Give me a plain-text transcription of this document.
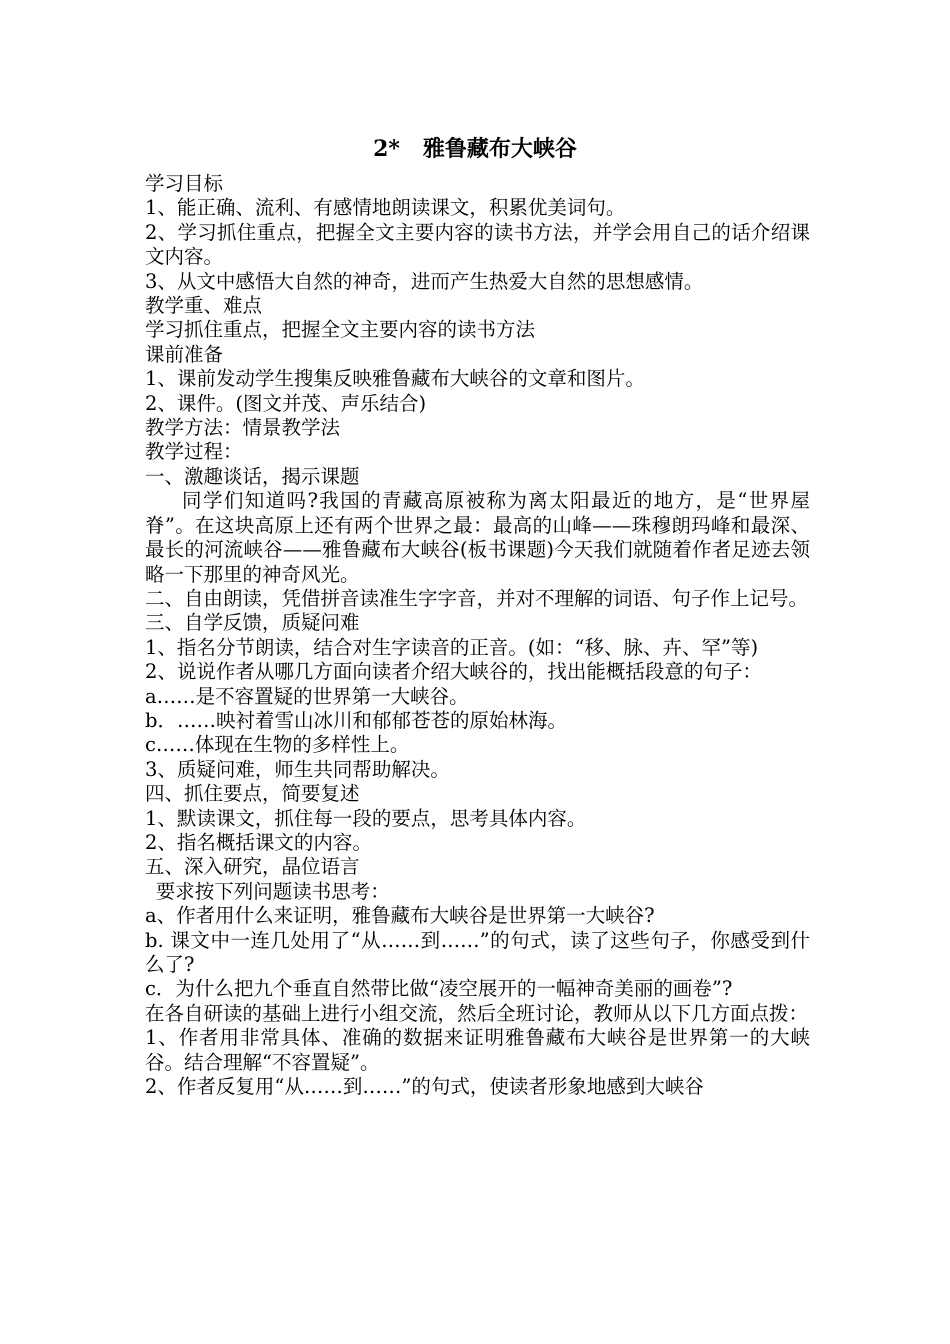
2*   雅鲁藏布大峡谷

学习目标

1、能正确、流利、有感情地朗读课文，积累优美词句。

2、学习抓住重点，把握全文主要内容的读书方法，并学会用自己的话介绍课文内容。

3、从文中感悟大自然的神奇，进而产生热爱大自然的思想感情。

教学重、难点

学习抓住重点，把握全文主要内容的读书方法

课前准备

1、课前发动学生搜集反映雅鲁藏布大峡谷的文章和图片。

2、课件。(图文并茂、声乐结合)

教学方法：情景教学法

教学过程：

一、激趣谈话，揭示课题

同学们知道吗?我国的青藏高原被称为离太阳最近的地方，是“世界屋脊”。在这块高原上还有两个世界之最：最高的山峰——珠穆朗玛峰和最深、最长的河流峡谷——雅鲁藏布大峡谷(板书课题)今天我们就随着作者足迹去领略一下那里的神奇风光。

二、自由朗读，凭借拼音读准生字字音，并对不理解的词语、句子作上记号。

三、自学反馈，质疑问难

1、指名分节朗读，结合对生字读音的正音。(如：“移、脉、卉、罕”等)

2、说说作者从哪几方面向读者介绍大峡谷的，找出能概括段意的句子：

a……是不容置疑的世界第一大峡谷。

b．……映衬着雪山冰川和郁郁苍苍的原始林海。

c……体现在生物的多样性上。

3、质疑问难，师生共同帮助解决。

四、抓住要点，简要复述

1、默读课文，抓住每一段的要点，思考具体内容。

2、指名概括课文的内容。

五、深入研究，晶位语言

要求按下列问题读书思考：

a、作者用什么来证明，雅鲁藏布大峡谷是世界第一大峡谷?

b. 课文中一连几处用了“从……到……”的句式，读了这些句子，你感受到什么了?

c．为什么把九个垂直自然带比做“凌空展开的一幅神奇美丽的画卷”?

在各自研读的基础上进行小组交流，然后全班讨论，教师从以下几方面点拨：

1、作者用非常具体、准确的数据来证明雅鲁藏布大峡谷是世界第一的大峡谷。结合理解“不容置疑”。

2、作者反复用“从……到……”的句式，使读者形象地感到大峡谷
